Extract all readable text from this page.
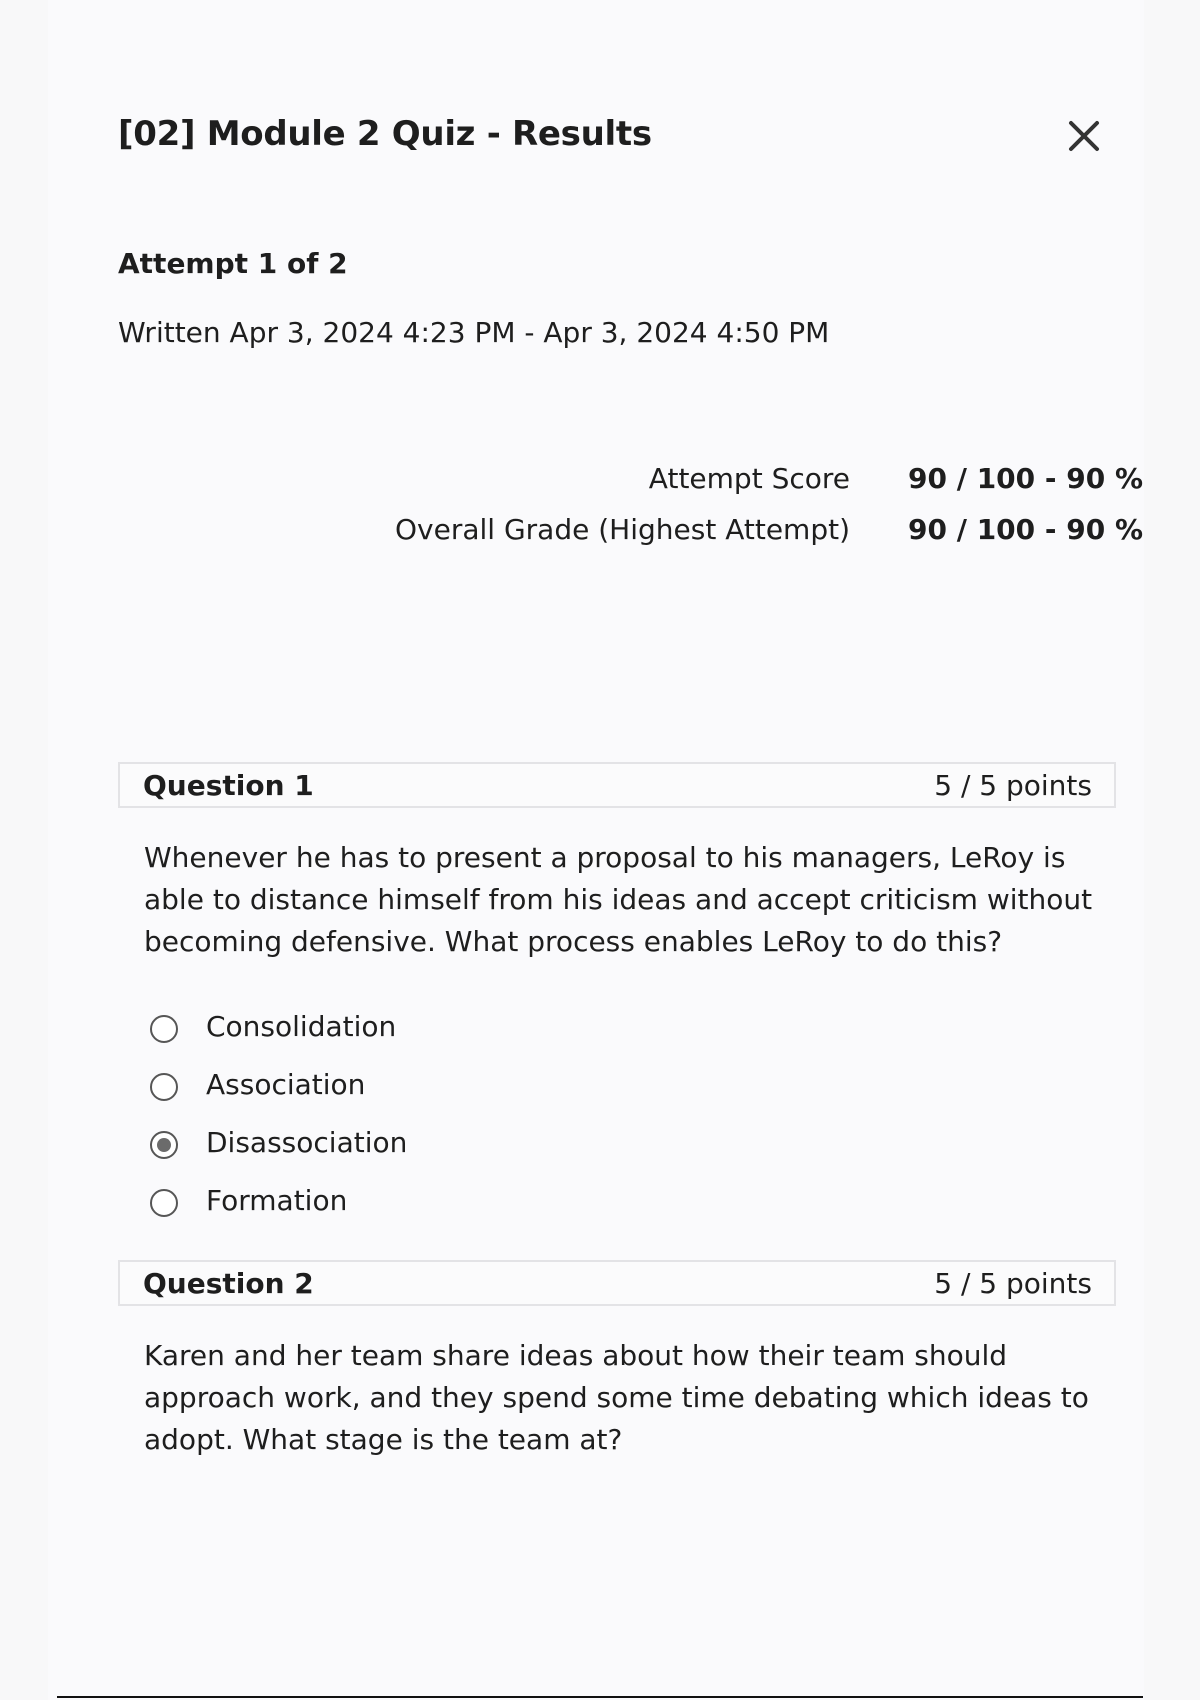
[02] Module 2 Quiz - Results
Attempt 1 of 2
Written Apr 3, 2024 4:23 PM - Apr 3, 2024 4:50 PM
Attempt Score 90 / 100 - 90 %
Overall Grade (Highest Attempt) 90 / 100 - 90 %
Question 1	5 / 5 points

Whenever he has to present a proposal to his managers, LeRoy is able to distance himself from his ideas and accept criticism without becoming defensive. What process enables LeRoy to do this?

Consolidation
Association
Disassociation
Formation
Question 2	5 / 5 points

Karen and her team share ideas about how their team should approach work, and they spend some time debating which ideas to adopt. What stage is the team at?
